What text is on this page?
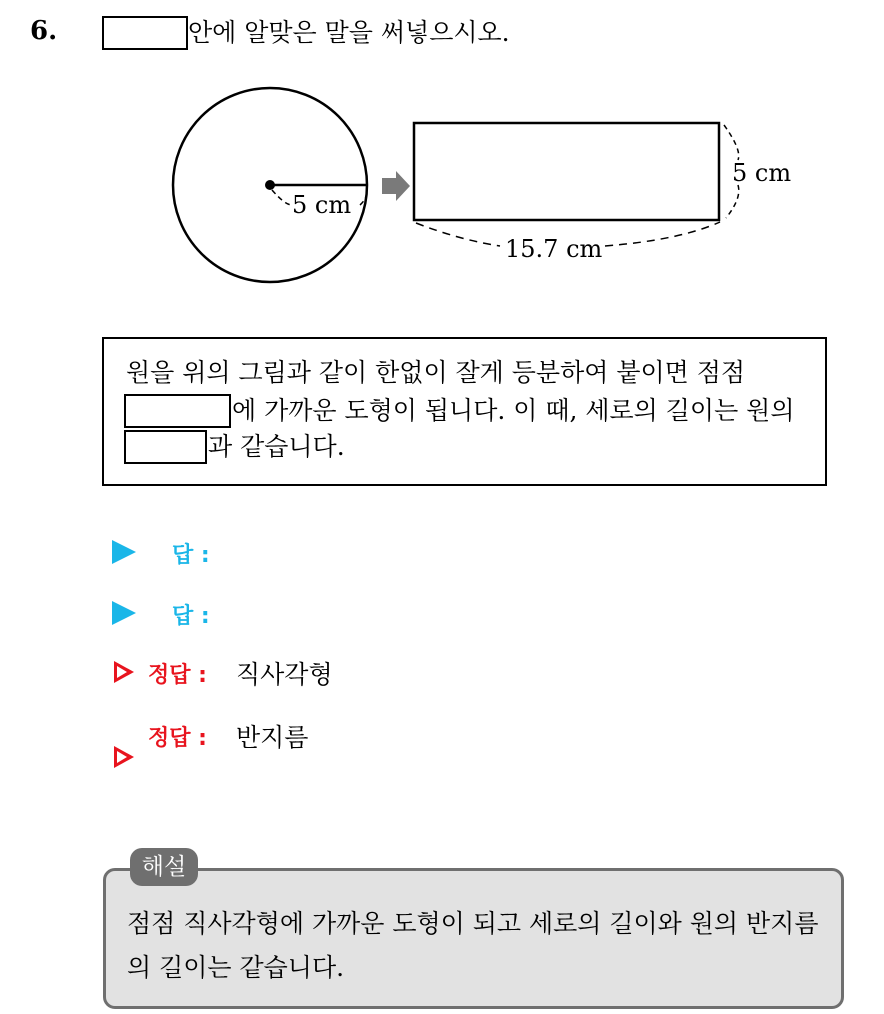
6.	안에 알맞은 말을 써넣으시오.
5 cm
5 cm
15.7 cm
원을 위의 그림과 같이 한없이 잘게 등분하여 붙이면 점점
에 가까운 도형이 됩니다. 이 때, 세로의 길이는 원의
과 같습니다.
답 :
답 :
정답 : 직사각형
정답 : 반지름
해설
점점 직사각형에 가까운 도형이 되고 세로의 길이와 원의 반지름의 길이는 같습니다.
